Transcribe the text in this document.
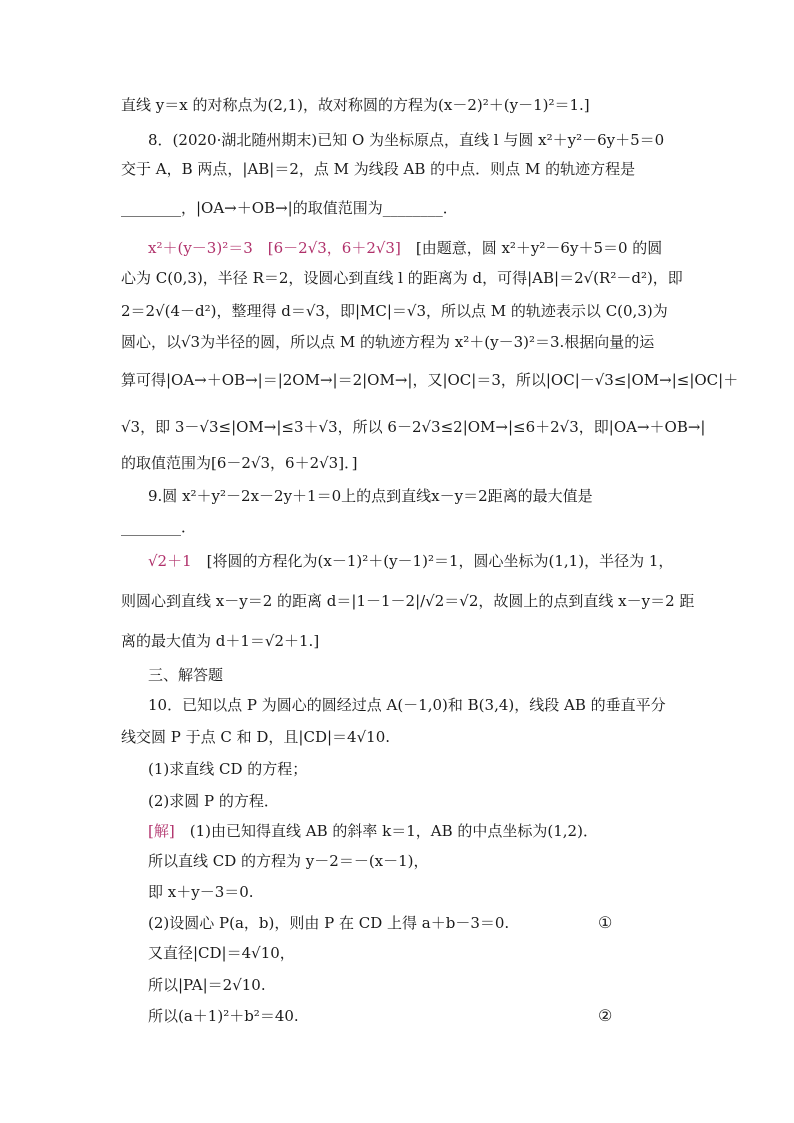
直线 y＝x 的对称点为(2,1)，故对称圆的方程为(x－2)²＋(y－1)²＝1.]
8．(2020·湖北随州期末)已知 O 为坐标原点，直线 l 与圆 x²＋y²－6y＋5＝0
交于 A，B 两点，|AB|＝2，点 M 为线段 AB 的中点．则点 M 的轨迹方程是
________，|OA→＋OB→|的取值范围为________．
x²＋(y－3)²＝3　[6－2√3，6＋2√3]　[由题意，圆 x²＋y²－6y＋5＝0 的圆
心为 C(0,3)，半径 R＝2，设圆心到直线 l 的距离为 d，可得|AB|＝2√(R²－d²)，即
2＝2√(4－d²)，整理得 d＝√3，即|MC|＝√3，所以点 M 的轨迹表示以 C(0,3)为
圆心，以√3为半径的圆，所以点 M 的轨迹方程为 x²＋(y－3)²＝3.根据向量的运
算可得|OA→＋OB→|＝|2OM→|＝2|OM→|，又|OC|＝3，所以|OC|－√3≤|OM→|≤|OC|＋
√3，即 3－√3≤|OM→|≤3＋√3，所以 6－2√3≤2|OM→|≤6＋2√3，即|OA→＋OB→|
的取值范围为[6－2√3，6＋2√3]．]
9.圆 x²＋y²－2x－2y＋1＝0上的点到直线x－y＝2距离的最大值是
________．
√2＋1　[将圆的方程化为(x－1)²＋(y－1)²＝1，圆心坐标为(1,1)，半径为 1，
则圆心到直线 x－y＝2 的距离 d＝|1－1－2|/√2＝√2，故圆上的点到直线 x－y＝2 距
离的最大值为 d＋1＝√2＋1.]
三、解答题
10．已知以点 P 为圆心的圆经过点 A(－1,0)和 B(3,4)，线段 AB 的垂直平分
线交圆 P 于点 C 和 D，且|CD|＝4√10.
(1)求直线 CD 的方程；
(2)求圆 P 的方程．
[解]　(1)由已知得直线 AB 的斜率 k＝1，AB 的中点坐标为(1,2)．
所以直线 CD 的方程为 y－2＝－(x－1)，
即 x＋y－3＝0.
(2)设圆心 P(a，b)，则由 P 在 CD 上得 a＋b－3＝0.	①
又直径|CD|＝4√10，
所以|PA|＝2√10.
所以(a＋1)²＋b²＝40.	②
